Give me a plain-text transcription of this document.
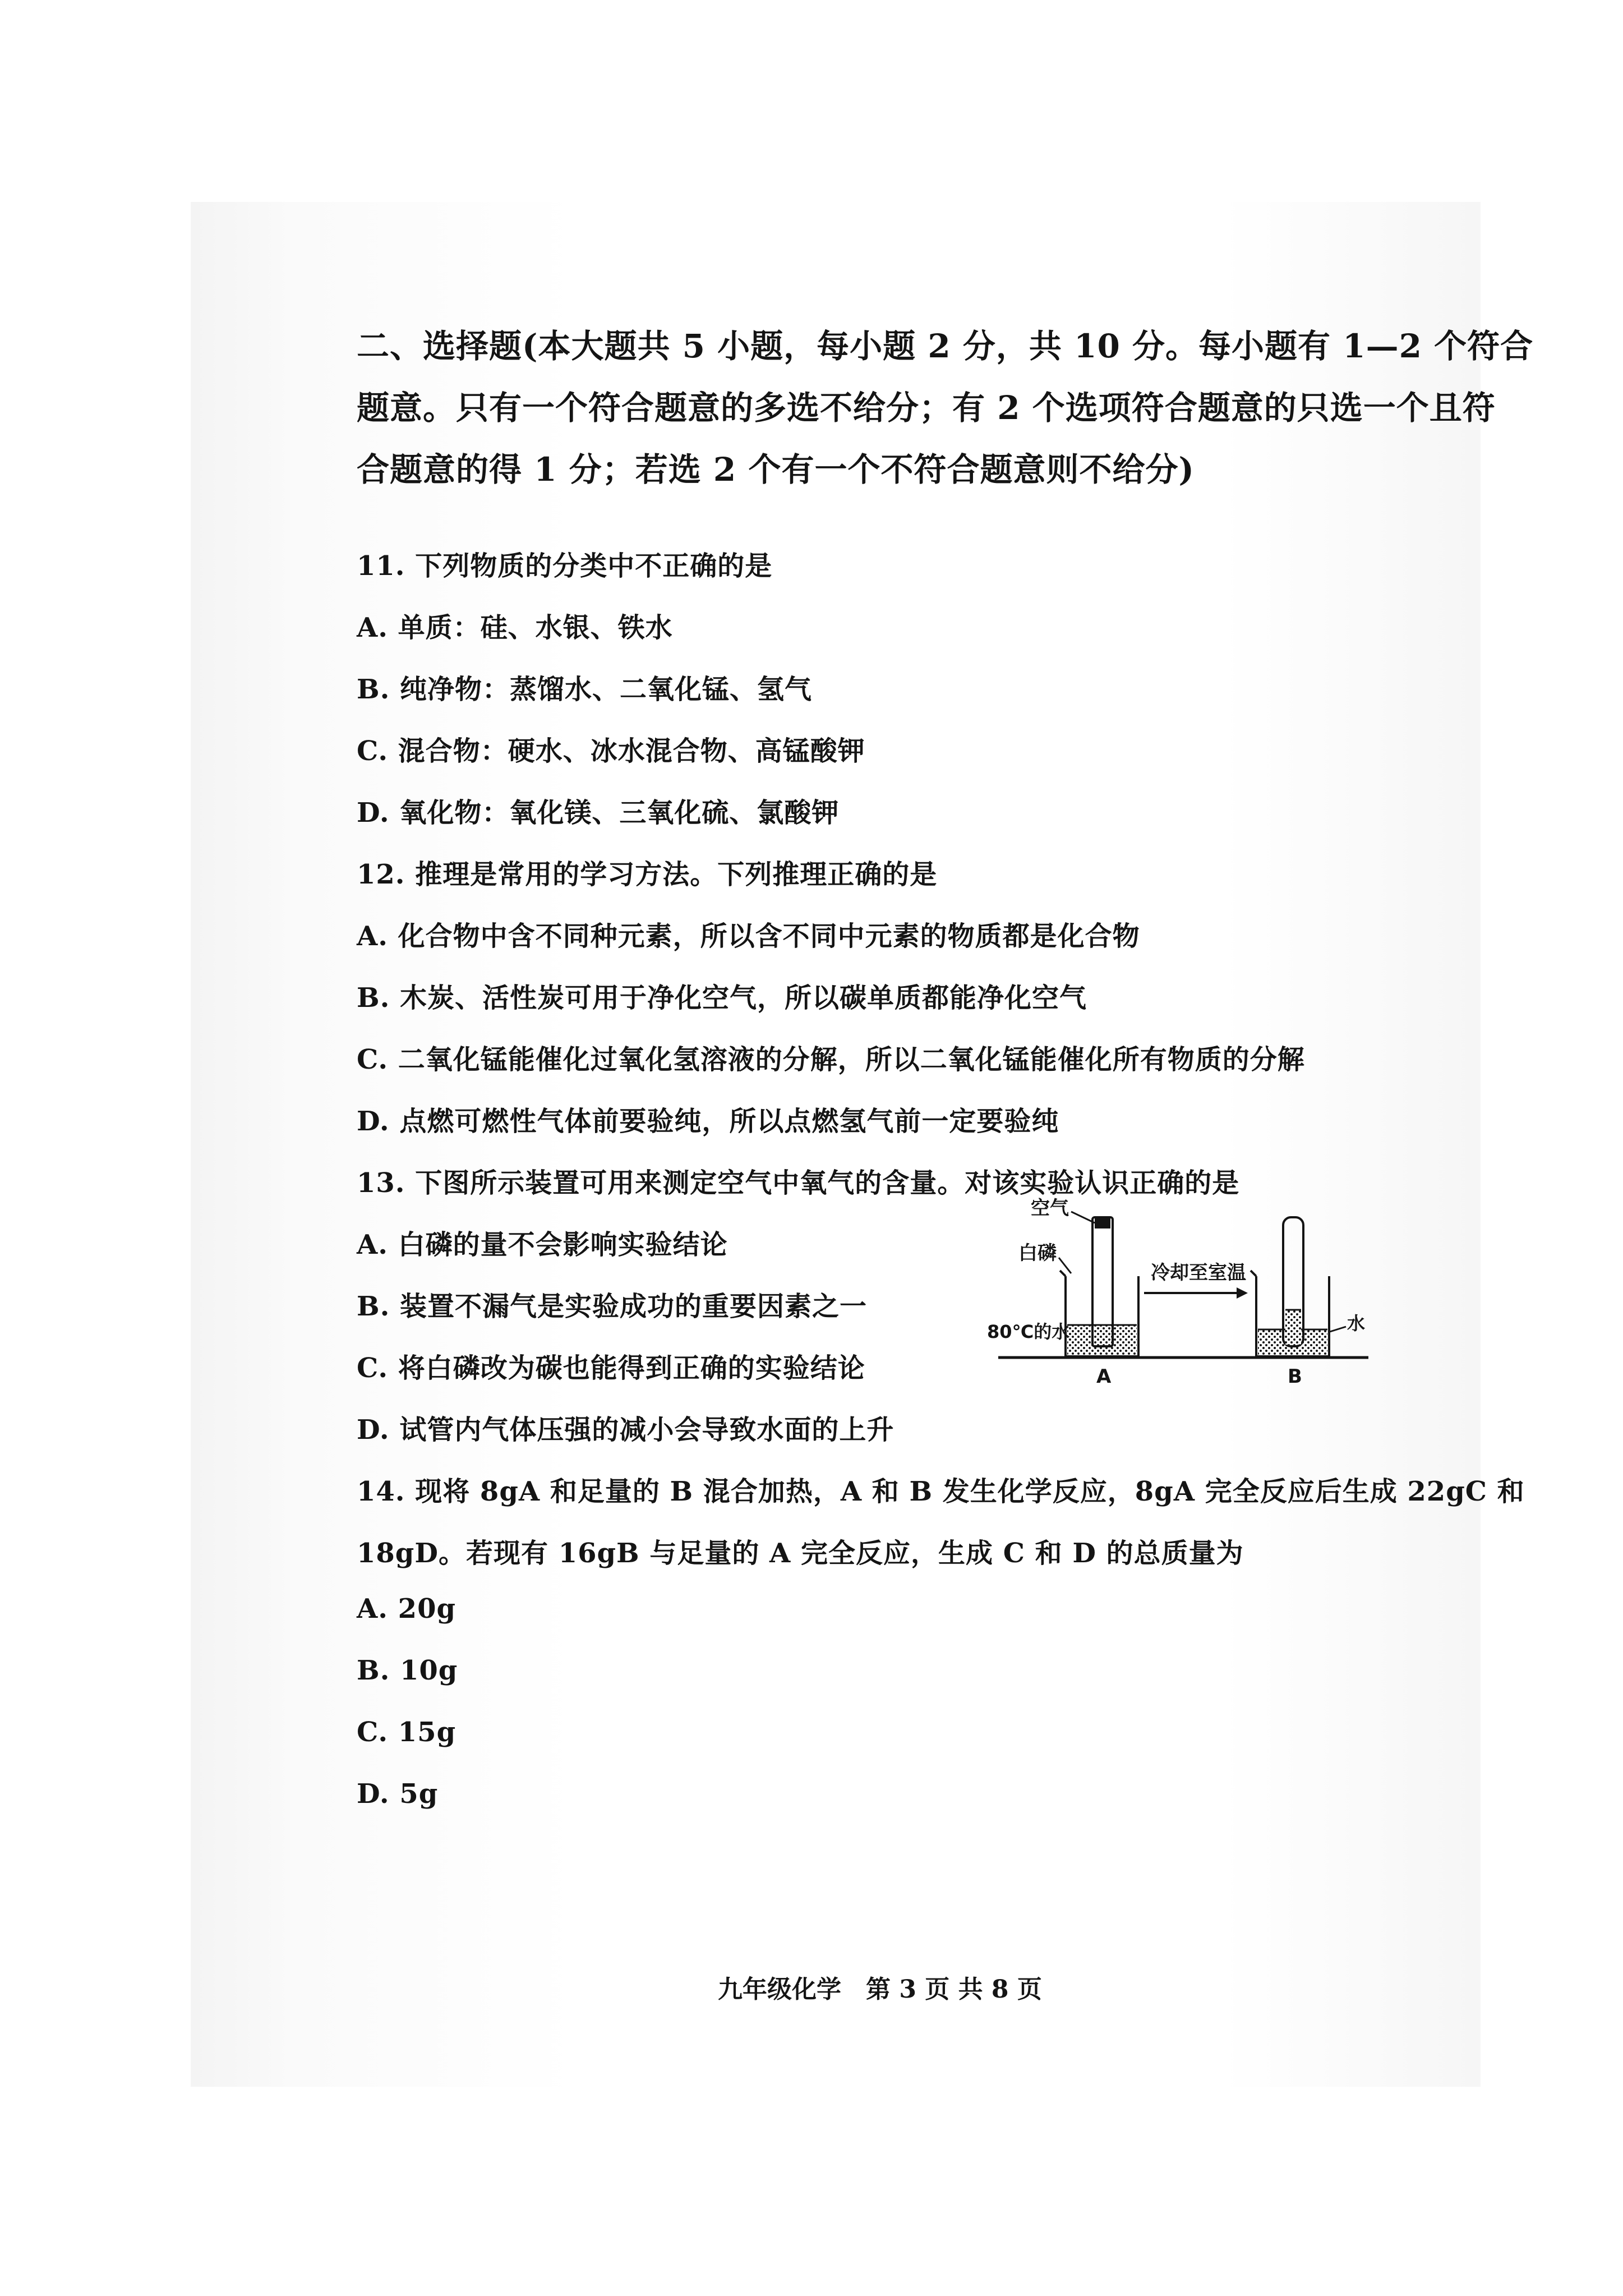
二、选择题(本大题共 5 小题，每小题 2 分，共 10 分。每小题有 1—2 个符合
题意。只有一个符合题意的多选不给分；有 2 个选项符合题意的只选一个且符
合题意的得 1 分；若选 2 个有一个不符合题意则不给分)
11. 下列物质的分类中不正确的是
A. 单质：硅、水银、铁水
B. 纯净物：蒸馏水、二氧化锰、氢气
C. 混合物：硬水、冰水混合物、高锰酸钾
D. 氧化物：氧化镁、三氧化硫、氯酸钾
12. 推理是常用的学习方法。下列推理正确的是
A. 化合物中含不同种元素，所以含不同中元素的物质都是化合物
B. 木炭、活性炭可用于净化空气，所以碳单质都能净化空气
C. 二氧化锰能催化过氧化氢溶液的分解，所以二氧化锰能催化所有物质的分解
D. 点燃可燃性气体前要验纯，所以点燃氢气前一定要验纯
13. 下图所示装置可用来测定空气中氧气的含量。对该实验认识正确的是
A. 白磷的量不会影响实验结论
B. 装置不漏气是实验成功的重要因素之一
C. 将白磷改为碳也能得到正确的实验结论
D. 试管内气体压强的减小会导致水面的上升
空气
白磷
80℃的水
冷却至室温
水
A	B
14. 现将 8gA 和足量的 B 混合加热，A 和 B 发生化学反应，8gA 完全反应后生成 22gC 和
18gD。若现有 16gB 与足量的 A 完全反应，生成 C 和 D 的总质量为
A. 20g
B. 10g
C. 15g
D. 5g
九年级化学　第 3 页 共 8 页
